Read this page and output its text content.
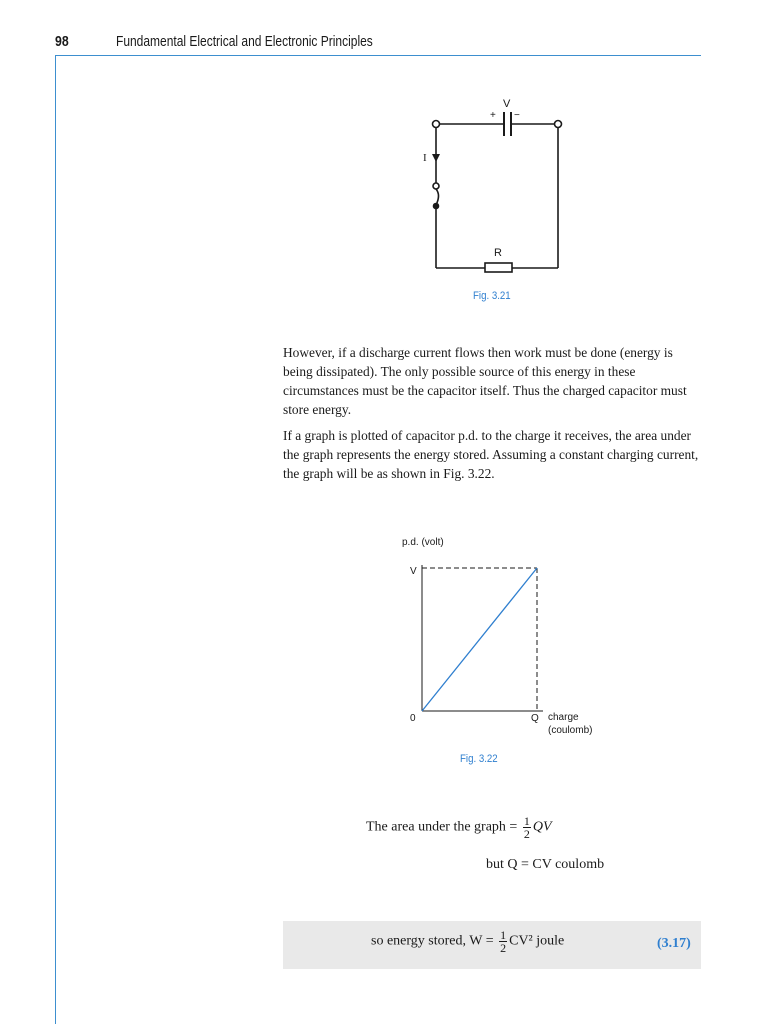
98	Fundamental Electrical and Electronic Principles
V
+ −
I
R
Fig. 3.21

However, if a discharge current flows then work must be done (energy is being dissipated). The only possible source of this energy in these circumstances must be the capacitor itself. Thus the charged capacitor must store energy.

If a graph is plotted of capacitor p.d. to the charge it receives, the area under the graph represents the energy stored. Assuming a constant charging current, the graph will be as shown in Fig. 3.22.

p.d. (volt)
V
0	Q charge
(coulomb)
Fig. 3.22
The area under the graph = $\frac{1}{2}$ QV
but Q = CV coulomb
so energy stored, $W = \frac{1}{2} CV^2$ joule	(3.17)
